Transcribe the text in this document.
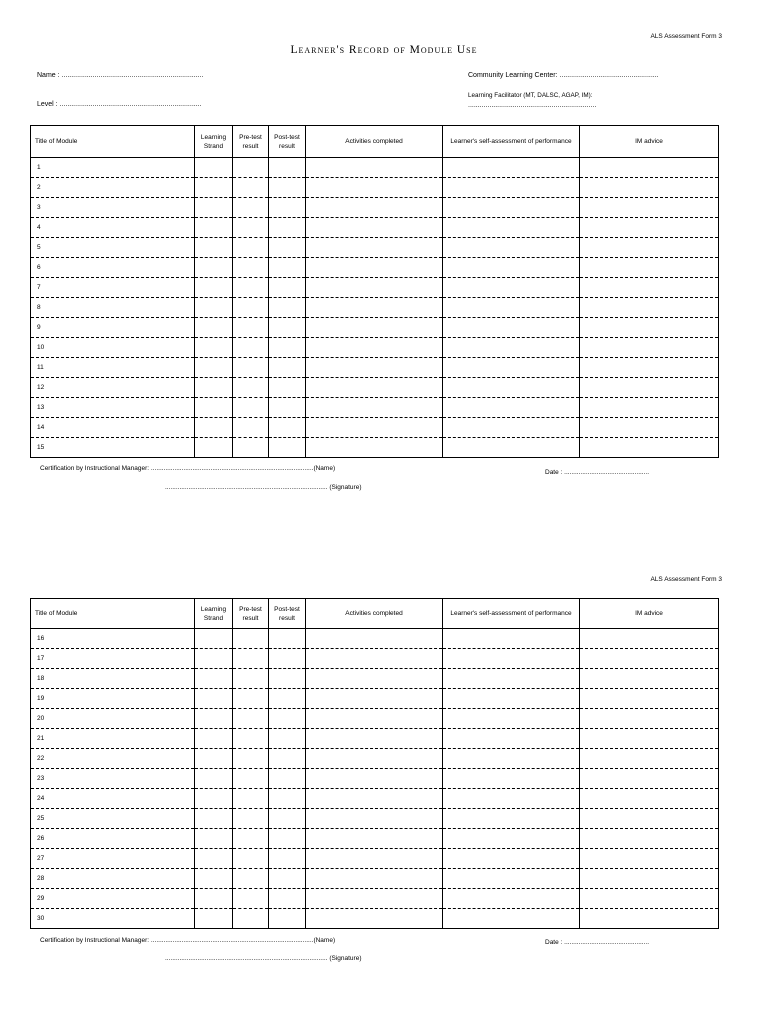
ALS Assessment Form 3
Learner's Record of Module Use
Name : .........................................................................	Community Learning Center: ...................................................
Learning Facilitator (MT, DALSC, AGAP, IM):
..................................................................
Level : .........................................................................
Title of Module	Learning Strand	Pre-test result	Post-test result	Activities completed	Learner's self-assessment of performance	IM advice
1						
2						
3						
4						
5						
6						
7						
8						
9						
10						
11						
12						
13						
14						
15						
Certification by Instructional Manager: ..........................................................................................(Name)
.......................................................................................... (Signature)
Date : ...............................................
ALS Assessment Form 3
Title of Module	Learning Strand	Pre-test result	Post-test result	Activities completed	Learner's self-assessment of performance	IM advice
16						
17						
18						
19						
20						
21						
22						
23						
24						
25						
26						
27						
28						
29						
30						
Certification by Instructional Manager: ..........................................................................................(Name)
.......................................................................................... (Signature)
Date : ...............................................
